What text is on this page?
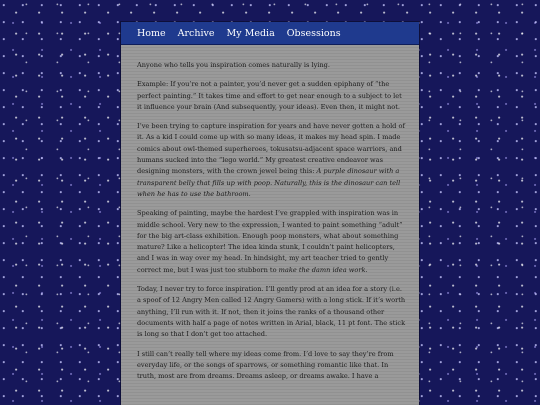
Home Archive My Media Obsessions

Anyone who tells you inspiration comes naturally is lying.

Example: If you’re not a painter, you’d never get a sudden epiphany of “the perfect painting.” It takes time and effort to get near enough to a subject to let it influence your brain (And subsequently, your ideas). Even then, it might not.

I’ve been trying to capture inspiration for years and have never gotten a hold of it. As a kid I could come up with so many ideas, it makes my head spin. I made comics about owl-themed superheroes, tokusatsu-adjacent space warriors, and humans sucked into the “lego world.” My greatest creative endeavor was designing monsters, with the crown jewel being this: A purple dinosaur with a transparent belly that fills up with poop. Naturally, this is the dinosaur can tell when he has to use the bathroom.

Speaking of painting, maybe the hardest I’ve grappled with inspiration was in middle school. Very new to the expression, I wanted to paint something “adult” for the big art-class exhibition. Enough poop monsters, what about something mature? Like a helicopter! The idea kinda stunk, I couldn’t paint helicopters, and I was in way over my head. In hindsight, my art teacher tried to gently correct me, but I was just too stubborn to make the damn idea work.

Today, I never try to force inspiration. I’ll gently prod at an idea for a story (i.e. a spoof of 12 Angry Men called 12 Angry Gamers) with a long stick. If it’s worth anything, I’ll run with it. If not, then it joins the ranks of a thousand other documents with half a page of notes written in Arial, black, 11 pt font. The stick is long so that I don’t get too attached.

I still can’t really tell where my ideas come from. I’d love to say they’re from everyday life, or the songs of sparrows, or something romantic like that. In truth, most are from dreams. Dreams asleep, or dreams awake. I have a
